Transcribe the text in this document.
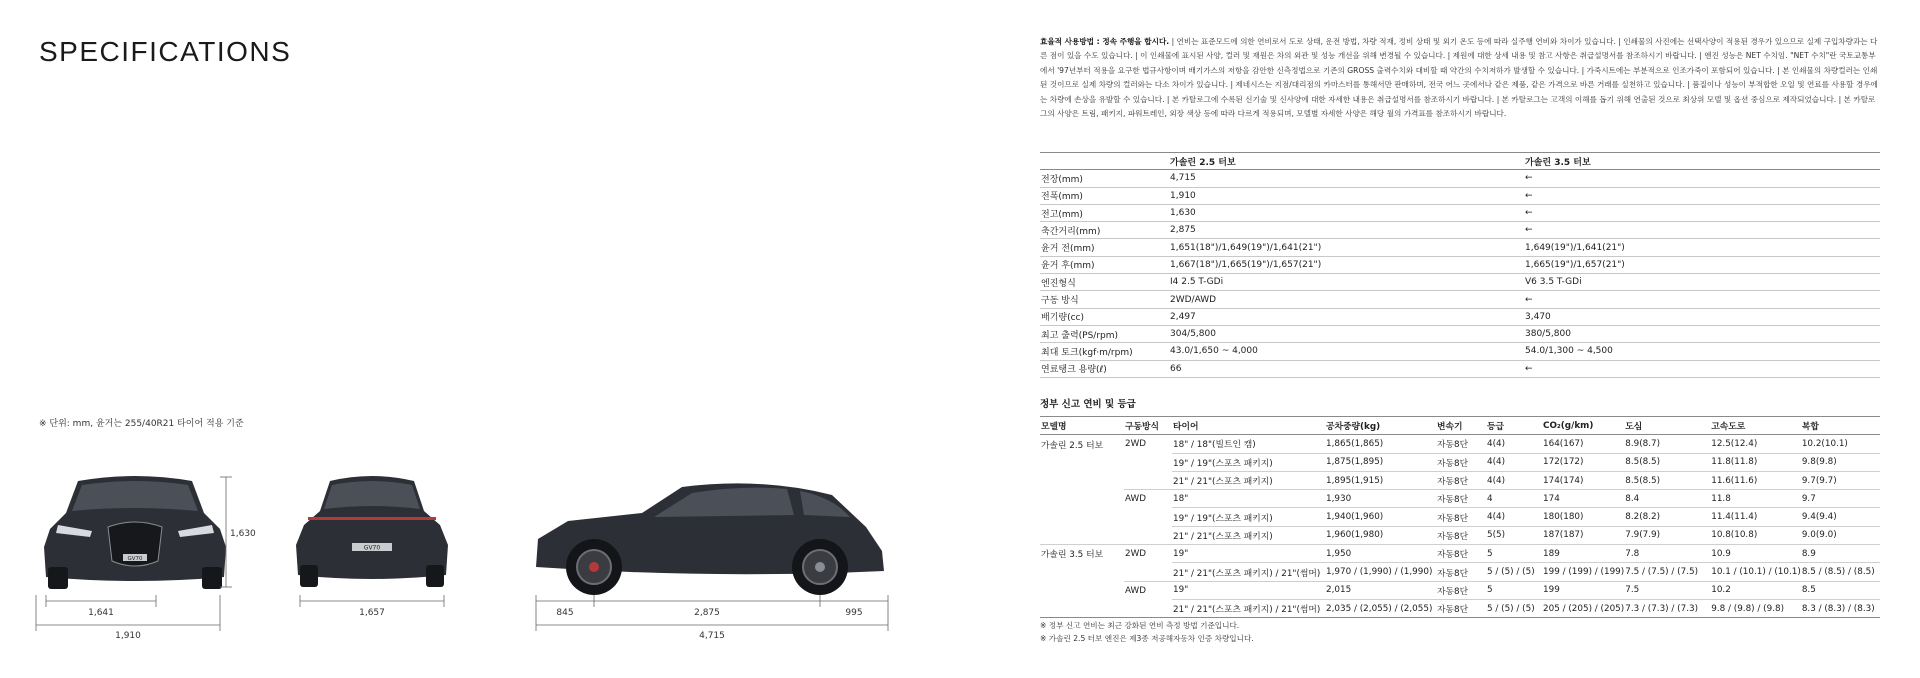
SPECIFICATIONS
※ 단위: mm, 윤거는 255/40R21 타이어 적용 기준
GV70
1,641
1,910
1,630
GV70
1,657	845	2,875	995
4,715
효율적 사용방법 : 정속 주행을 합시다. | 연비는 표준모드에 의한 연비로서 도로 상태, 운전 방법, 차량 적재, 정비 상태 및 외기 온도 등에 따라 실주행 연비와 차이가 있습니다. | 인쇄물의 사진에는 선택사양이 적용된 경우가 있으므로 실제 구입차량과는 다른 점이 있을 수도 있습니다. | 이 인쇄물에 표시된 사양, 컬러 및 재원은 차의 외관 및 성능 개선을 위해 변경될 수 있습니다. | 제원에 대한 상세 내용 및 참고 사항은 취급설명서를 참조하시기 바랍니다. | 엔진 성능은 NET 수치임. "NET 수치"란 국토교통부에서 '97년부터 적용을 요구한 법규사항이며 배기가스의 저항을 감안한 신측정법으로 기존의 GROSS 출력수치와 대비할 때 약간의 수치저하가 발생할 수 있습니다. | 가죽시트에는 부분적으로 인조가죽이 포함되어 있습니다. | 본 인쇄물의 차량컬러는 인쇄된 것이므로 실제 차량의 컬러와는 다소 차이가 있습니다. | 제네시스는 지점/대리점의 카마스터를 통해서만 판매하며, 전국 어느 곳에서나 같은 제품, 같은 가격으로 바른 거래를 실천하고 있습니다. | 품질이나 성능이 부적합한 오일 및 연료를 사용할 경우에는 차량에 손상을 유발할 수 있습니다. | 본 카탈로그에 수록된 신기술 및 신사양에 대한 자세한 내용은 취급설명서를 참조하시기 바랍니다. | 본 카탈로그는 고객의 이해를 돕기 위해 연출된 것으로 최상위 모델 및 옵션 중심으로 제작되었습니다. | 본 카탈로그의 사양은 트림, 패키지, 파워트레인, 외장 색상 등에 따라 다르게 적용되며, 모델별 자세한 사양은 해당 월의 가격표를 참조하시기 바랍니다.
	가솔린 2.5 터보	가솔린 3.5 터보
전장(mm)	4,715	←
전폭(mm)	1,910	←
전고(mm)	1,630	←
축간거리(mm)	2,875	←
윤거 전(mm)	1,651(18")/1,649(19")/1,641(21")	1,649(19")/1,641(21")
윤거 후(mm)	1,667(18")/1,665(19")/1,657(21")	1,665(19")/1,657(21")
엔진형식	I4 2.5 T-GDi	V6 3.5 T-GDi
구동 방식	2WD/AWD	←
배기량(cc)	2,497	3,470
최고 출력(PS/rpm)	304/5,800	380/5,800
최대 토크(kgf·m/rpm)	43.0/1,650 ~ 4,000	54.0/1,300 ~ 4,500
연료탱크 용량(ℓ)	66	←
정부 신고 연비 및 등급
모델명	구동방식	타이어	공차중량(kg)	변속기	등급	CO₂(g/km)	도심	고속도로	복합
가솔린 2.5 터보	2WD	18" / 18"(빌트인 캠)	1,865(1,865)	자동8단	4(4)	164(167)	8.9(8.7)	12.5(12.4)	10.2(10.1)
		19" / 19"(스포츠 패키지)	1,875(1,895)	자동8단	4(4)	172(172)	8.5(8.5)	11.8(11.8)	9.8(9.8)
		21" / 21"(스포츠 패키지)	1,895(1,915)	자동8단	4(4)	174(174)	8.5(8.5)	11.6(11.6)	9.7(9.7)
	AWD	18"	1,930	자동8단	4	174	8.4	11.8	9.7
		19" / 19"(스포츠 패키지)	1,940(1,960)	자동8단	4(4)	180(180)	8.2(8.2)	11.4(11.4)	9.4(9.4)
		21" / 21"(스포츠 패키지)	1,960(1,980)	자동8단	5(5)	187(187)	7.9(7.9)	10.8(10.8)	9.0(9.0)
가솔린 3.5 터보	2WD	19"	1,950	자동8단	5	189	7.8	10.9	8.9
		21" / 21"(스포츠 패키지) / 21"(썸머)	1,970 / (1,990) / (1,990)	자동8단	5 / (5) / (5)	199 / (199) / (199)	7.5 / (7.5) / (7.5)	10.1 / (10.1) / (10.1)	8.5 / (8.5) / (8.5)
	AWD	19"	2,015	자동8단	5	199	7.5	10.2	8.5
		21" / 21"(스포츠 패키지) / 21"(썸머)	2,035 / (2,055) / (2,055)	자동8단	5 / (5) / (5)	205 / (205) / (205)	7.3 / (7.3) / (7.3)	9.8 / (9.8) / (9.8)	8.3 / (8.3) / (8.3)
※ 정부 신고 연비는 최근 강화된 연비 측정 방법 기준입니다.
※ 가솔린 2.5 터보 엔진은 제3종 저공해자동차 인증 차량입니다.
